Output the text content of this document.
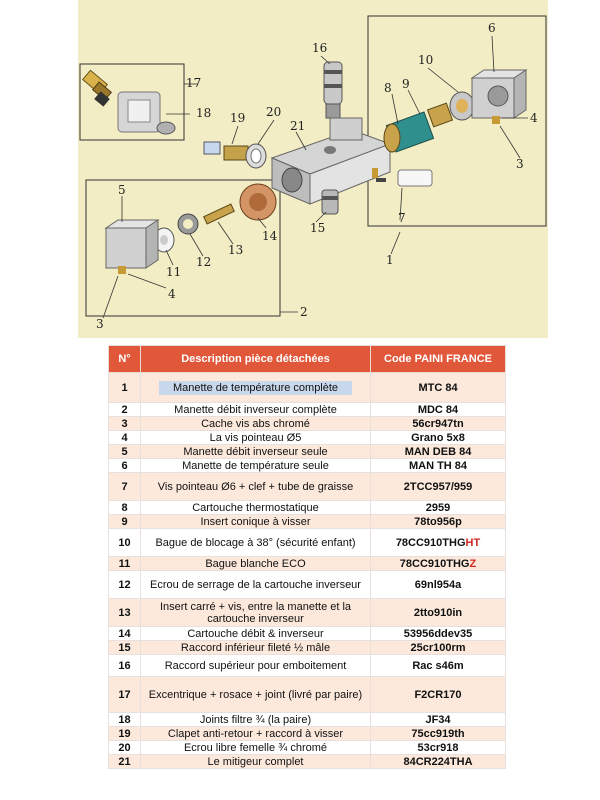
17
18
16
19 20
21
5
11
12
13
14
15
4
3
2
1
7
8 9
10
6
4
3
N°	Description pièce détachées	Code PAINI FRANCE
1	Manette de température complète	MTC 84
2	Manette débit inverseur complète	MDC 84
3	Cache vis abs chromé	56cr947tn
4	La vis pointeau Ø5	Grano 5x8
5	Manette débit inverseur seule	MAN DEB 84
6	Manette de température seule	MAN TH 84
7	Vis pointeau Ø6 + clef + tube de graisse	2TCC957/959
8	Cartouche thermostatique	2959
9	Insert conique à visser	78to956p
10	Bague de blocage à 38° (sécurité enfant)	78CC910THGHT
11	Bague blanche ECO	78CC910THGZ
12	Ecrou de serrage de la cartouche inverseur	69nl954a
13	Insert carré + vis, entre la manette et la cartouche inverseur	2tto910in
14	Cartouche débit & inverseur	53956ddev35
15	Raccord inférieur fileté ½ mâle	25cr100rm
16	Raccord supérieur pour emboitement	Rac s46m
17	Excentrique + rosace + joint (livré par paire)	F2CR170
18	Joints filtre ¾ (la paire)	JF34
19	Clapet anti-retour + raccord à visser	75cc919th
20	Ecrou libre femelle ¾ chromé	53cr918
21	Le mitigeur complet	84CR224THA
